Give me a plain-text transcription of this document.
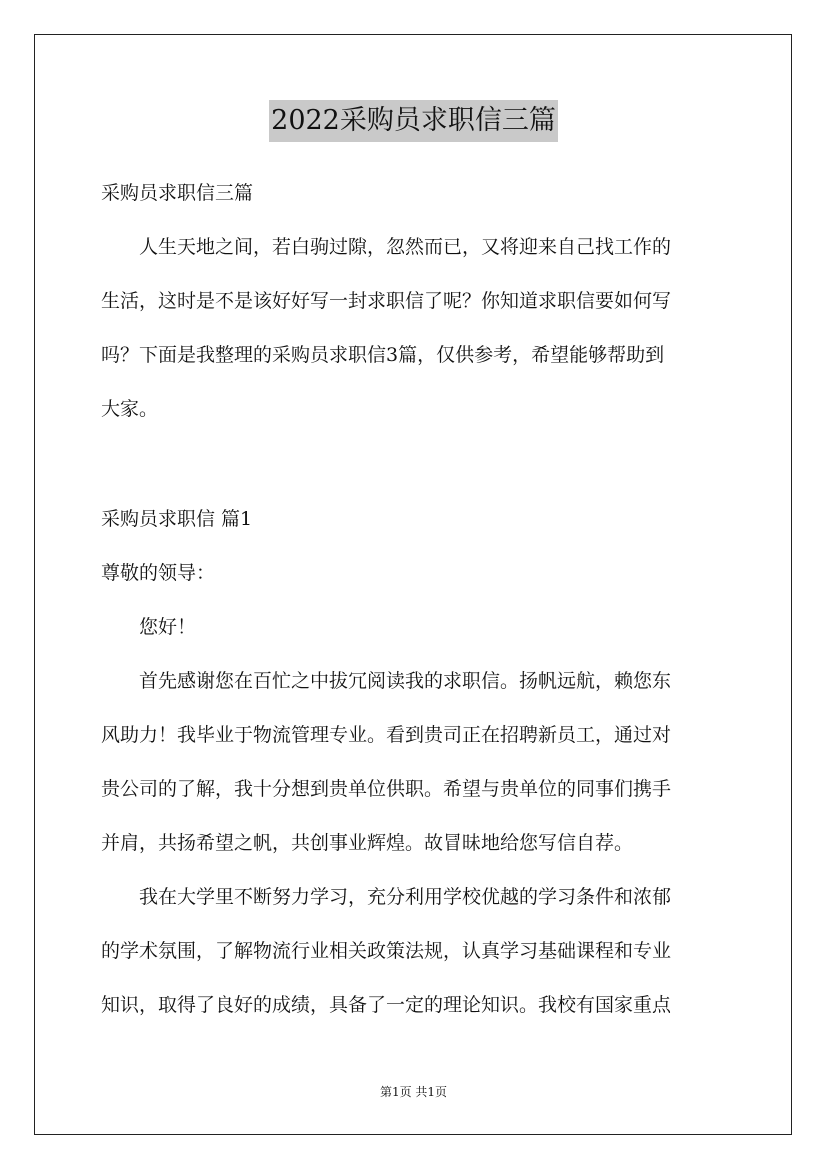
2022采购员求职信三篇

采购员求职信三篇

人生天地之间，若白驹过隙，忽然而已，又将迎来自己找工作的
生活，这时是不是该好好写一封求职信了呢？你知道求职信要如何写
吗？下面是我整理的采购员求职信3篇，仅供参考，希望能够帮助到
大家。

采购员求职信 篇1

尊敬的领导：

您好！

首先感谢您在百忙之中拔冗阅读我的求职信。扬帆远航，赖您东
风助力！我毕业于物流管理专业。看到贵司正在招聘新员工，通过对
贵公司的了解，我十分想到贵单位供职。希望与贵单位的同事们携手
并肩，共扬希望之帆，共创事业辉煌。故冒昧地给您写信自荐。
我在大学里不断努力学习，充分利用学校优越的学习条件和浓郁
的学术氛围，了解物流行业相关政策法规，认真学习基础课程和专业
知识，取得了良好的成绩，具备了一定的理论知识。我校有国家重点
第1页 共1页
